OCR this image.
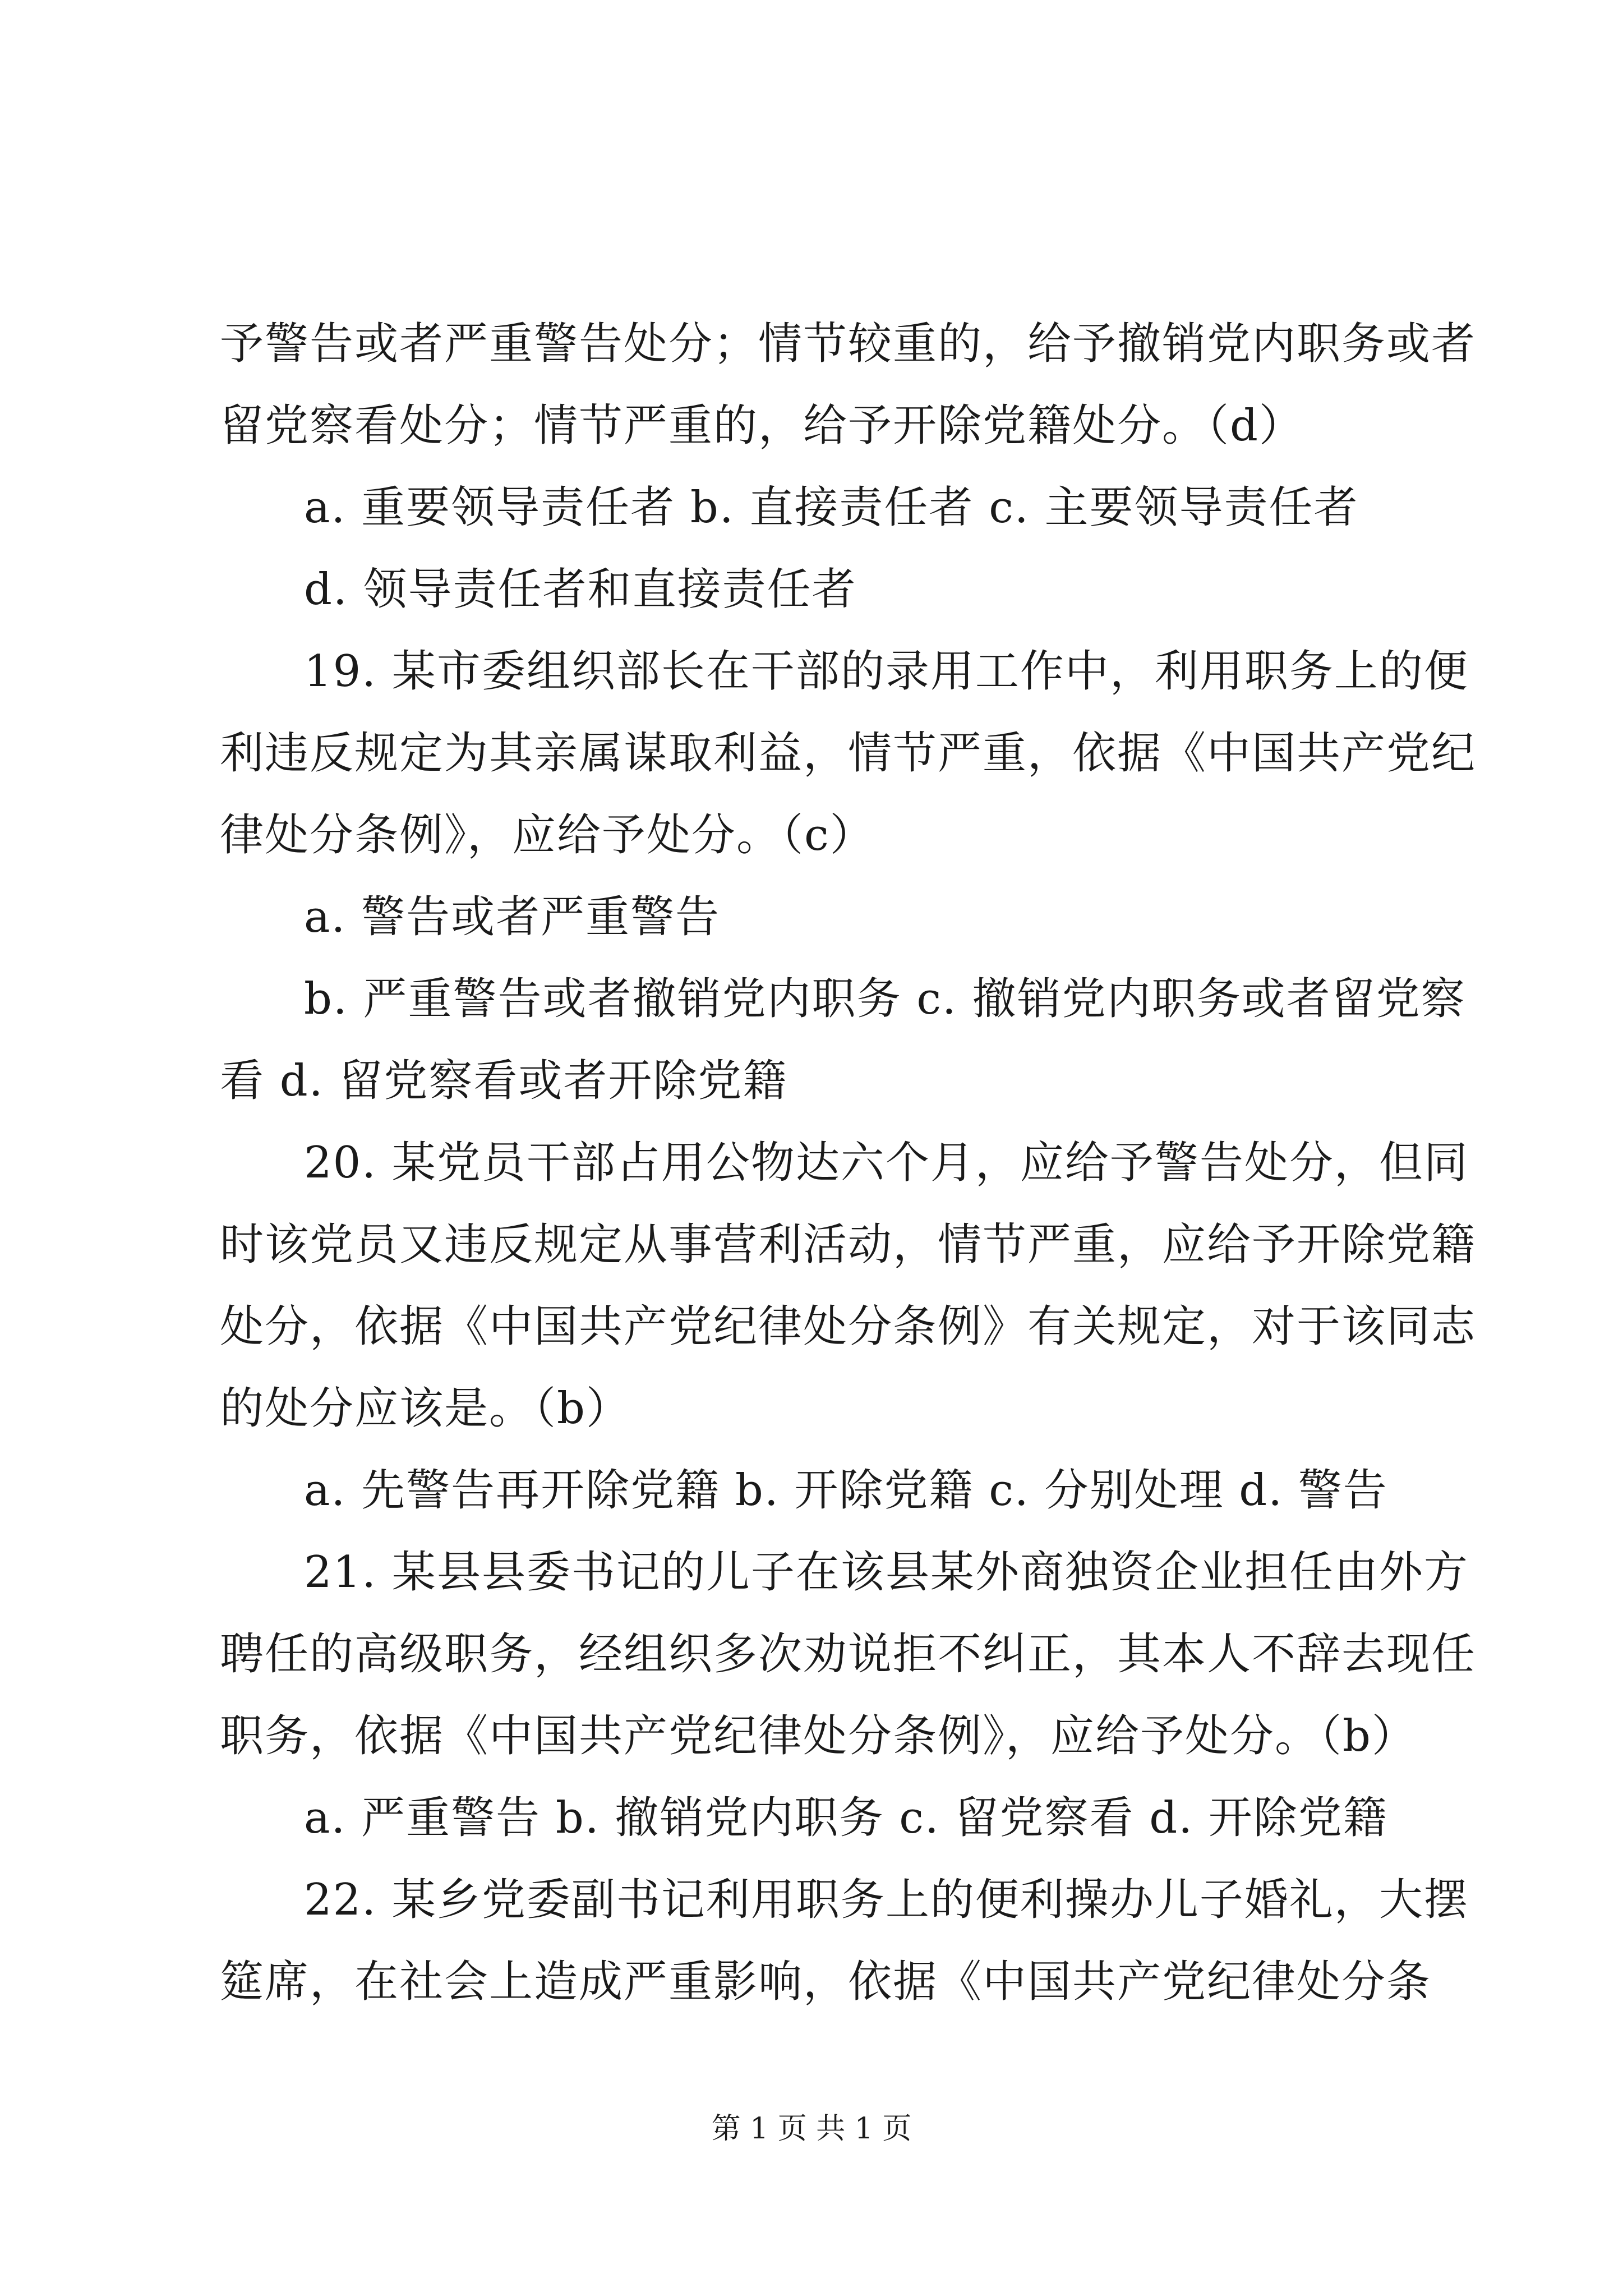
予警告或者严重警告处分；情节较重的，给予撤销党内职务或者
留党察看处分；情节严重的，给予开除党籍处分。（d）
a. 重要领导责任者 b. 直接责任者 c. 主要领导责任者
d. 领导责任者和直接责任者
19. 某市委组织部长在干部的录用工作中，利用职务上的便
利违反规定为其亲属谋取利益，情节严重，依据《中国共产党纪
律处分条例》，应给予处分。（c）
a. 警告或者严重警告
b. 严重警告或者撤销党内职务 c. 撤销党内职务或者留党察
看 d. 留党察看或者开除党籍
20. 某党员干部占用公物达六个月，应给予警告处分，但同
时该党员又违反规定从事营利活动，情节严重，应给予开除党籍
处分，依据《中国共产党纪律处分条例》有关规定，对于该同志
的处分应该是。（b）
a. 先警告再开除党籍 b. 开除党籍 c. 分别处理 d. 警告
21. 某县县委书记的儿子在该县某外商独资企业担任由外方
聘任的高级职务，经组织多次劝说拒不纠正，其本人不辞去现任
职务，依据《中国共产党纪律处分条例》，应给予处分。（b）
a. 严重警告 b. 撤销党内职务 c. 留党察看 d. 开除党籍
22. 某乡党委副书记利用职务上的便利操办儿子婚礼，大摆
筵席，在社会上造成严重影响，依据《中国共产党纪律处分条
第 1 页 共 1 页
